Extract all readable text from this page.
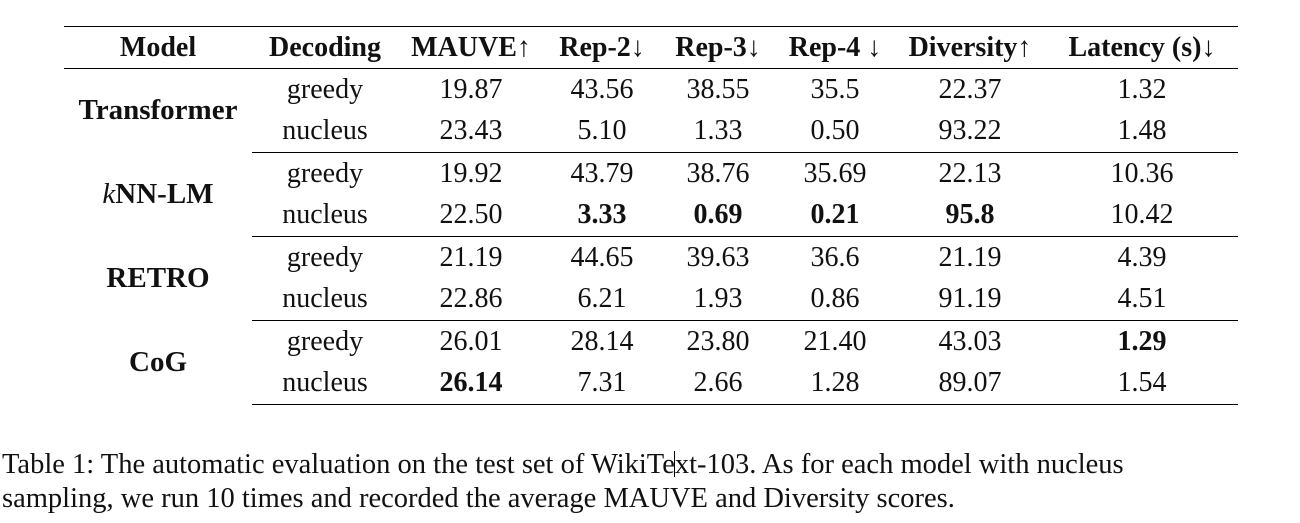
Model	Decoding	MAUVE↑	Rep-2↓	Rep-3↓	Rep-4 ↓	Diversity↑	Latency (s)↓
Transformer	greedy	19.87	43.56	38.55	35.5	22.37	1.32
	nucleus	23.43	5.10	1.33	0.50	93.22	1.48
kNN-LM	greedy	19.92	43.79	38.76	35.69	22.13	10.36
	nucleus	22.50	3.33	0.69	0.21	95.8	10.42
RETRO	greedy	21.19	44.65	39.63	36.6	21.19	4.39
	nucleus	22.86	6.21	1.93	0.86	91.19	4.51
CoG	greedy	26.01	28.14	23.80	21.40	43.03	1.29
	nucleus	26.14	7.31	2.66	1.28	89.07	1.54
Table 1: The automatic evaluation on the test set of WikiText-103. As for each model with nucleus
sampling, we run 10 times and recorded the average MAUVE and Diversity scores.
